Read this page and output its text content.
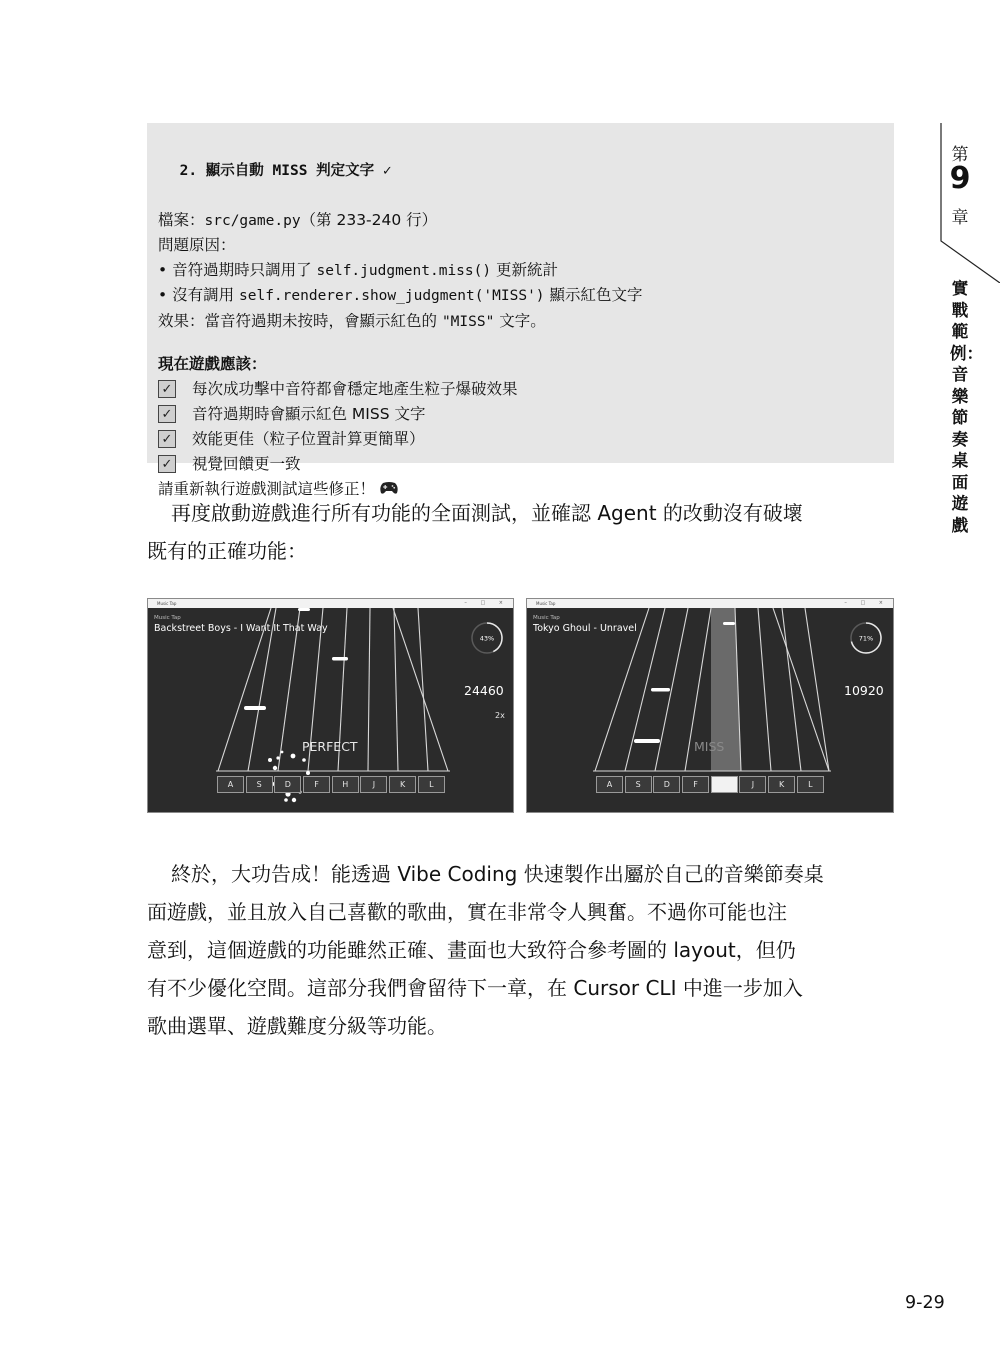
2. 顯示自動 MISS 判定文字 ✓

檔案：src/game.py（第 233-240 行）
問題原因：
• 音符過期時只調用了 self.judgment.miss() 更新統計
• 沒有調用 self.renderer.show_judgment('MISS') 顯示紅色文字
效果：當音符過期未按時，會顯示紅色的 "MISS" 文字。
現在遊戲應該：
✓ 每次成功擊中音符都會穩定地產生粒子爆破效果
✓ 音符過期時會顯示紅色 MISS 文字
✓ 效能更佳（粒子位置計算更簡單）
✓ 視覺回饋更一致
請重新執行遊戲測試這些修正！
再度啟動遊戲進行所有功能的全面測試，並確認 Agent 的改動沒有破壞
既有的正確功能：
Music Tap	– □ ×
Music Tap
Backstreet Boys - I Want It That Way
43%
24460
2x
PERFECT
A	S	D	F	H	J	K	L
Music Tap	– □ ×
Music Tap
Tokyo Ghoul - Unravel
71%
10920
MISS
A	S	D	F	J	K	L
終於，大功告成！能透過 Vibe Coding 快速製作出屬於自己的音樂節奏桌
面遊戲，並且放入自己喜歡的歌曲，實在非常令人興奮。不過你可能也注
意到，這個遊戲的功能雖然正確、畫面也大致符合參考圖的 layout，但仍
有不少優化空間。這部分我們會留待下一章，在 Cursor CLI 中進一步加入
歌曲選單、遊戲難度分級等功能。
第
9
章
實戰範例：音樂節奏桌面遊戲
9-29
